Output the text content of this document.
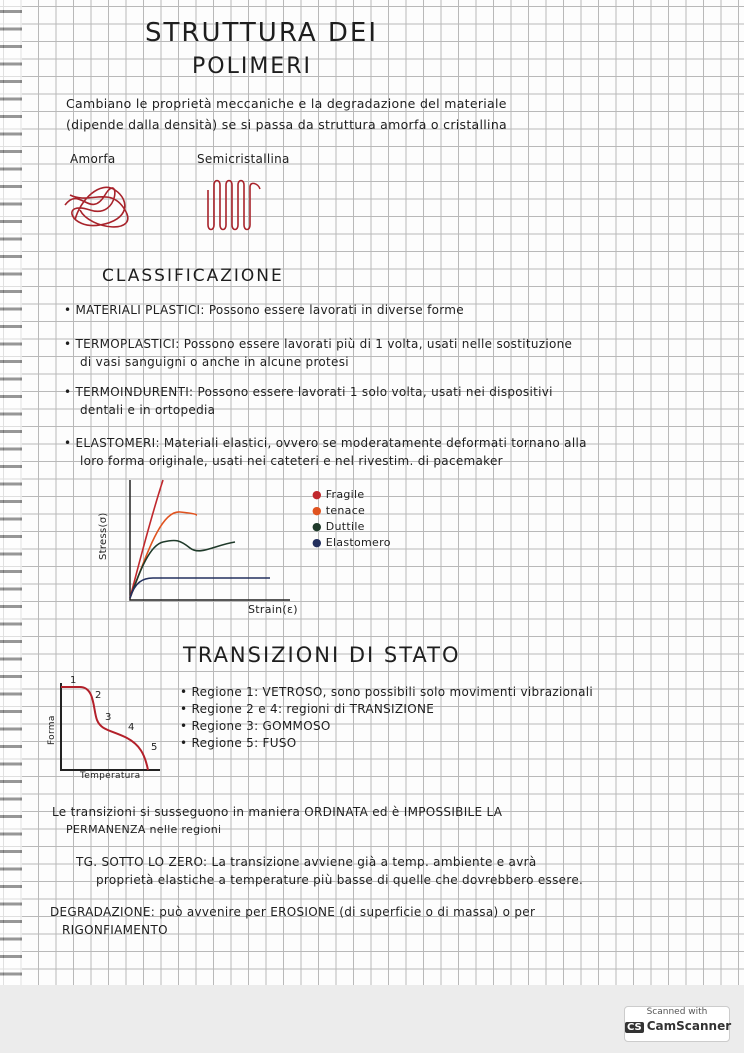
STRUTTURA DEI
POLIMERI
Cambiano le proprietà meccaniche e la degradazione del materiale
(dipende dalla densità) se si passa da struttura amorfa o cristallina
Amorfa	Semicristallina
CLASSIFICAZIONE
• MATERIALI PLASTICI: Possono essere lavorati in diverse forme
• TERMOPLASTICI: Possono essere lavorati più di 1 volta, usati nelle sostituzione
di vasi sanguigni o anche in alcune protesi
• TERMOINDURENTI: Possono essere lavorati 1 solo volta, usati nei dispositivi
dentali e in ortopedia
• ELASTOMERI: Materiali elastici, ovvero se moderatamente deformati tornano alla
loro forma originale, usati nei cateteri e nel rivestim. di pacemaker
Stress(σ)
Strain(ε)
● Fragile
● tenace
● Duttile
● Elastomero
TRANSIZIONI DI STATO
1
2
3
4
5
Forma
Temperatura
• Regione 1: VETROSO, sono possibili solo movimenti vibrazionali
• Regione 2 e 4: regioni di TRANSIZIONE
• Regione 3: GOMMOSO
• Regione 5: FUSO
Le transizioni si susseguono in maniera ORDINATA ed è IMPOSSIBILE LA
PERMANENZA nelle regioni
TG. SOTTO LO ZERO: La transizione avviene già a temp. ambiente e avrà
proprietà elastiche a temperature più basse di quelle che dovrebbero essere.
DEGRADAZIONE: può avvenire per EROSIONE (di superficie o di massa) o per
RIGONFIAMENTO
Scanned with
CS CamScanner
